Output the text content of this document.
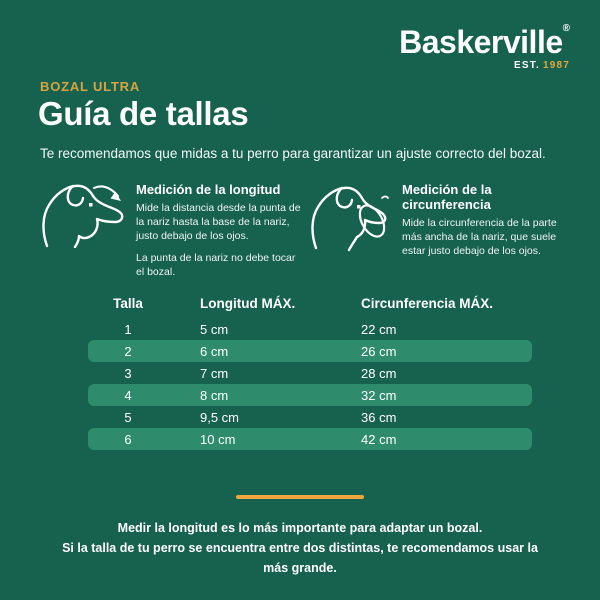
Baskerville®
EST. 1987
BOZAL ULTRA
Guía de tallas
Te recomendamos que midas a tu perro para garantizar un ajuste correcto del bozal.
Medición de la longitud

Mide la distancia desde la punta de la nariz hasta la base de la nariz, justo debajo de los ojos.

La punta de la nariz no debe tocar el bozal.

Medición de la circunferencia

Mide la circunferencia de la parte más ancha de la nariz, que suele estar justo debajo de los ojos.

Talla	Longitud MÁX.	Circunferencia MÁX.
1	5 cm	22 cm
2	6 cm	26 cm
3	7 cm	28 cm
4	8 cm	32 cm
5	9,5 cm	36 cm
6	10 cm	42 cm
Medir la longitud es lo más importante para adaptar un bozal.
Si la talla de tu perro se encuentra entre dos distintas, te recomendamos usar la más grande.
